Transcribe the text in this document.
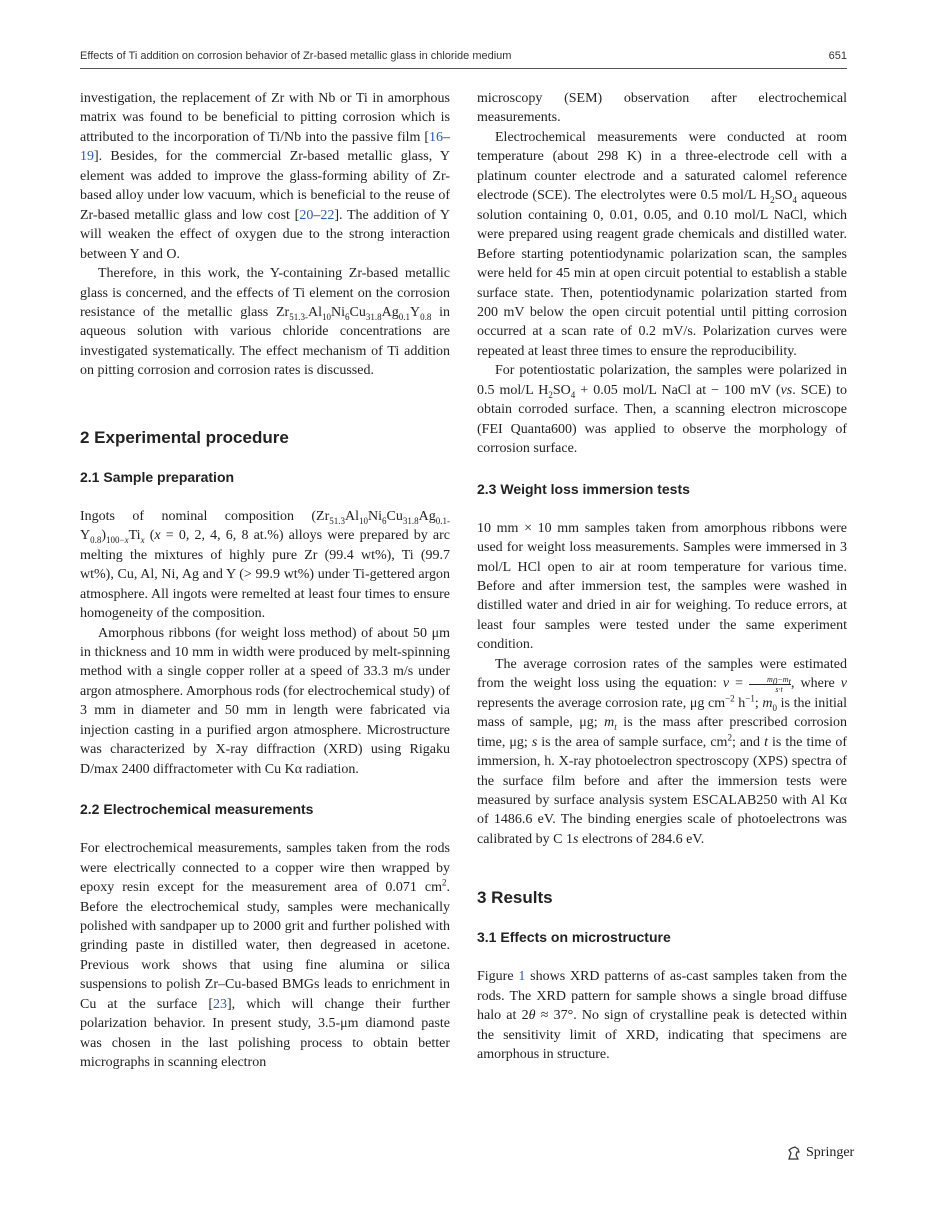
Effects of Ti addition on corrosion behavior of Zr-based metallic glass in chloride medium	651

investigation, the replacement of Zr with Nb or Ti in amorphous matrix was found to be beneficial to pitting corrosion which is attributed to the incorporation of Ti/Nb into the passive film [16–19]. Besides, for the commercial Zr-based metallic glass, Y element was added to improve the glass-forming ability of Zr-based alloy under low vacuum, which is beneficial to the reuse of Zr-based metallic glass and low cost [20–22]. The addition of Y will weaken the effect of oxygen due to the strong interaction between Y and O.

Therefore, in this work, the Y-containing Zr-based metallic glass is concerned, and the effects of Ti element on the corrosion resistance of the metallic glass $Zr_{51.3-}Al_{10}Ni_6Cu_{31.8}Ag_{0.1}Y_{0.8}$ in aqueous solution with various chloride concentrations are investigated systematically. The effect mechanism of Ti addition on pitting corrosion and corrosion rates is discussed.

2 Experimental procedure
2.1 Sample preparation

Ingots of nominal composition $(Zr_{51.3}Al_{10}Ni_6Cu_{31.8}Ag_{0.1-}Y_{0.8})_{100-x}Ti_x$ (x = 0, 2, 4, 6, 8 at.%) alloys were prepared by arc melting the mixtures of highly pure Zr (99.4 wt%), Ti (99.7 wt%), Cu, Al, Ni, Ag and Y (> 99.9 wt%) under Ti-gettered argon atmosphere. All ingots were remelted at least four times to ensure homogeneity of the composition.

Amorphous ribbons (for weight loss method) of about 50 μm in thickness and 10 mm in width were produced by melt-spinning method with a single copper roller at a speed of 33.3 m/s under argon atmosphere. Amorphous rods (for electrochemical study) of 3 mm in diameter and 50 mm in length were fabricated via injection casting in a purified argon atmosphere. Microstructure was characterized by X-ray diffraction (XRD) using Rigaku D/max 2400 diffractometer with Cu Kα radiation.

2.2 Electrochemical measurements

For electrochemical measurements, samples taken from the rods were electrically connected to a copper wire then wrapped by epoxy resin except for the measurement area of 0.071 $cm^2$. Before the electrochemical study, samples were mechanically polished with sandpaper up to 2000 grit and further polished with grinding paste in distilled water, then degreased in acetone. Previous work shows that using fine alumina or silica suspensions to polish Zr–Cu-based BMGs leads to enrichment in Cu at the surface [23], which will change their further polarization behavior. In present study, 3.5-μm diamond paste was chosen in the last polishing process to obtain better micrographs in scanning electron

microscopy (SEM) observation after electrochemical measurements.

Electrochemical measurements were conducted at room temperature (about 298 K) in a three-electrode cell with a platinum counter electrode and a saturated calomel reference electrode (SCE). The electrolytes were 0.5 mol/L $H_2SO_4$ aqueous solution containing 0, 0.01, 0.05, and 0.10 mol/L NaCl, which were prepared using reagent grade chemicals and distilled water. Before starting potentiodynamic polarization scan, the samples were held for 45 min at open circuit potential to establish a stable surface state. Then, potentiodynamic polarization started from 200 mV below the open circuit potential until pitting corrosion occurred at a scan rate of 0.2 mV/s. Polarization curves were repeated at least three times to ensure the reproducibility.

For potentiostatic polarization, the samples were polarized in 0.5 mol/L $H_2SO_4 + 0.05$ mol/L NaCl at − 100 mV (vs. SCE) to obtain corroded surface. Then, a scanning electron microscope (FEI Quanta600) was applied to observe the morphology of corrosion surface.

2.3 Weight loss immersion tests

10 mm × 10 mm samples taken from amorphous ribbons were used for weight loss measurements. Samples were immersed in 3 mol/L HCl open to air at room temperature for various time. Before and after immersion test, the samples were washed in distilled water and dried in air for weighing. To reduce errors, at least four samples were tested under the same experiment condition.

The average corrosion rates of the samples were estimated from the weight loss using the equation: $v = \frac{m_0-m_t}{s\cdot t}$ , where v represents the average corrosion rate, μg $cm^{-2}$ $h^{-1}$; $m_0$ is the initial mass of sample, μg; $m_t$ is the mass after prescribed corrosion time, μg; s is the area of sample surface, $cm^2$; and t is the time of immersion, h. X-ray photoelectron spectroscopy (XPS) spectra of the surface film before and after the immersion tests were measured by surface analysis system ESCALAB250 with Al Kα of 1486.6 eV. The binding energies scale of photoelectrons was calibrated by C 1s electrons of 284.6 eV.

3 Results
3.1 Effects on microstructure

Figure 1 shows XRD patterns of as-cast samples taken from the rods. The XRD pattern for sample shows a single broad diffuse halo at 2θ ≈ 37°. No sign of crystalline peak is detected within the sensitivity limit of XRD, indicating that specimens are amorphous in structure.

Springer
